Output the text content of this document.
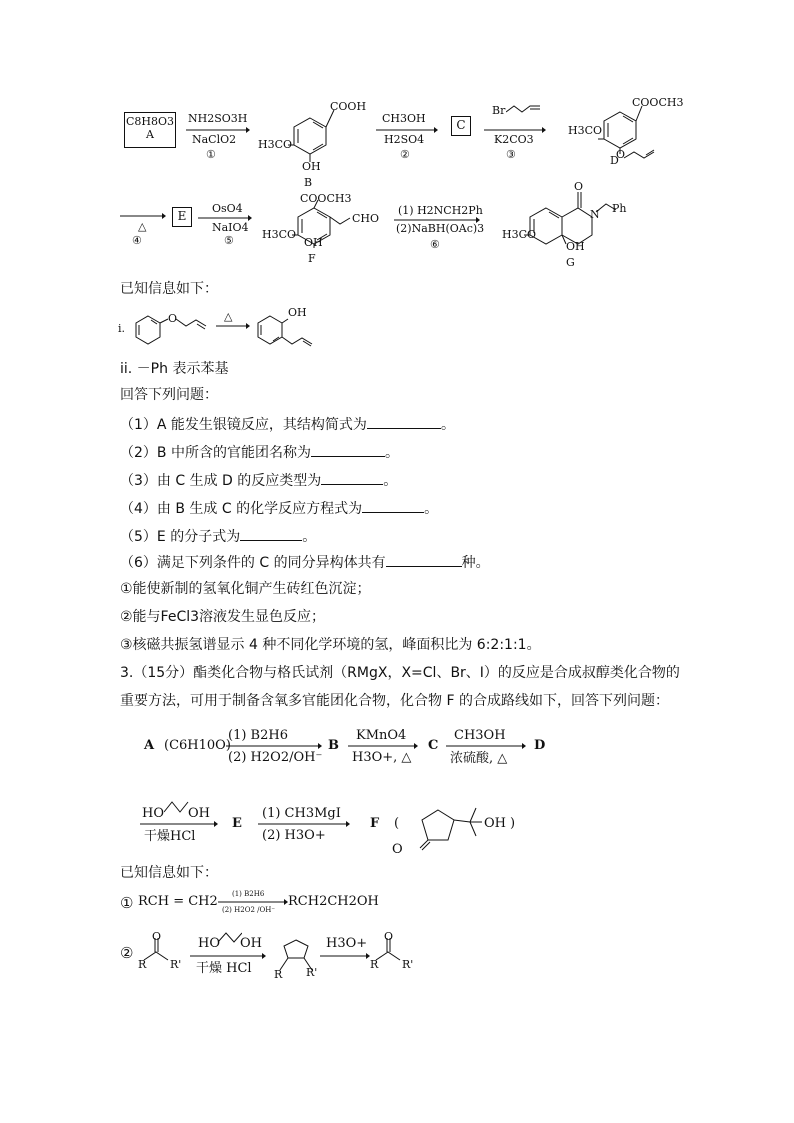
C8H8O3
A
NH2SO3H
NaClO2
①
COOH
H3CO
OH
B
CH3OH
H2SO4
②
C
Br
K2CO3
③
COOCH3
H3CO
O
D
△
④
E
OsO4
NaIO4
⑤
COOCH3
CHO
H3CO
OH
F
(1) H2NCH2Ph
(2)NaBH(OAc)3
⑥
O
N Ph
H3CO
OH
G
已知信息如下：
i.
O	△	OH
ii. －Ph 表示苯基
回答下列问题：
（1）A 能发生银镜反应，其结构简式为	。
（2）B 中所含的官能团名称为	。
（3）由 C 生成 D 的反应类型为	。
（4）由 B 生成 C 的化学反应方程式为	。
（5）E 的分子式为	。
（6）满足下列条件的 C 的同分异构体共有	种。
①能使新制的氢氧化铜产生砖红色沉淀；
②能与FeCl3溶液发生显色反应；
③核磁共振氢谱显示 4 种不同化学环境的氢，峰面积比为 6:2:1:1。
3.（15分）酯类化合物与格氏试剂（RMgX，X=Cl、Br、I）的反应是合成叔醇类化合物的
重要方法，可用于制备含氧多官能团化合物，化合物 F 的合成路线如下，回答下列问题：
A (C6H10O)
(1) B2H6
(2) H2O2/OH⁻
B
KMnO4
H3O+, △
C
CH3OH
浓硫酸, △
D
HO OH
干燥HCl
E
(1) CH3MgI
(2) H3O+
F (	OH
O
)
已知信息如下：
① RCH = CH2 (1) B2H6
(2) H2O2 /OH⁻
RCH2CH2OH
②
O
R R'
HO OH
干燥 HCl R R'
H3O+ O
R R'
